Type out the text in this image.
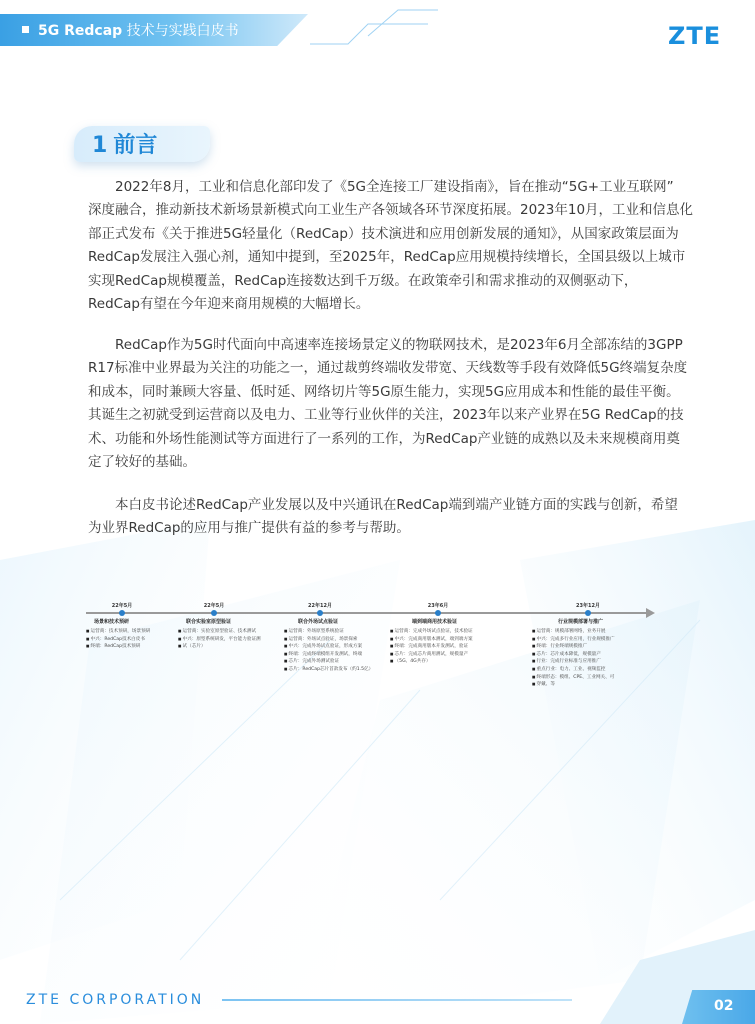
5G Redcap 技术与实践白皮书	ZTE
1 前言
　　2022年8月，工业和信息化部印发了《5G全连接工厂建设指南》，旨在推动“5G+工业互联网”
深度融合，推动新技术新场景新模式向工业生产各领域各环节深度拓展。2023年10月，工业和信息化
部正式发布《关于推进5G轻量化（RedCap）技术演进和应用创新发展的通知》，从国家政策层面为
RedCap发展注入强心剂，通知中提到，至2025年，RedCap应用规模持续增长，全国县级以上城市
实现RedCap规模覆盖，RedCap连接数达到千万级。在政策牵引和需求推动的双侧驱动下，
RedCap有望在今年迎来商用规模的大幅增长。
　　RedCap作为5G时代面向中高速率连接场景定义的物联网技术，是2023年6月全部冻结的3GPP
R17标准中业界最为关注的功能之一，通过裁剪终端收发带宽、天线数等手段有效降低5G终端复杂度
和成本，同时兼顾大容量、低时延、网络切片等5G原生能力，实现5G应用成本和性能的最佳平衡。
其诞生之初就受到运营商以及电力、工业等行业伙伴的关注，2023年以来产业界在5G RedCap的技
术、功能和外场性能测试等方面进行了一系列的工作，为RedCap产业链的成熟以及未来规模商用奠
定了较好的基础。
　　本白皮书论述RedCap产业发展以及中兴通讯在RedCap端到端产业链方面的实践与创新，希望
为业界RedCap的应用与推广提供有益的参考与帮助。
22年5月
场景和技术预研
■ 运营商：技术预研，场景预研
■ 中兴：RedCap技术白皮书
■ 终端：RedCap技术预研
22年5月
联合实验室原型验证
■ 运营商：实验室原型验证、技术测试
■ 中兴：原型系统研发，平台能力验证测
■ 试（芯片）
22年12月
联合外场试点验证
■ 运营商：外场原型系统验证
■ 运营商：外场试点验证，场景探索
■ 中兴：完成外场试点验证，形成方案
■ 终端：完成终端模组开发测试，终端
■ 芯片：完成外场测试验证
■ 芯片：RedCap芯片首款发布（约1.5亿）
23年6月
端到端商用技术验证
■ 运营商：完成外场试点验证，技术验证
■ 中兴：完成商用版本测试，端到端方案
■ 终端：完成商用版本开发测试，验证
■ 芯片：完成芯片商用测试，规模量产
■ （5G、4G共存）
23年12月
行业规模部署与推广
■ 运营商：规模部署网络，业务开展
■ 中兴：完成多行业应用，行业规模推广
■ 终端：行业终端规模推广
■ 芯片：芯片成本降低，规模量产
■ 行业：完成行业标准与应用推广
■ 重点行业：电力、工业、视频监控
■ 终端形态：模组、CPE、工业网关、可
■ 穿戴、等
ZTE CORPORATION	02
